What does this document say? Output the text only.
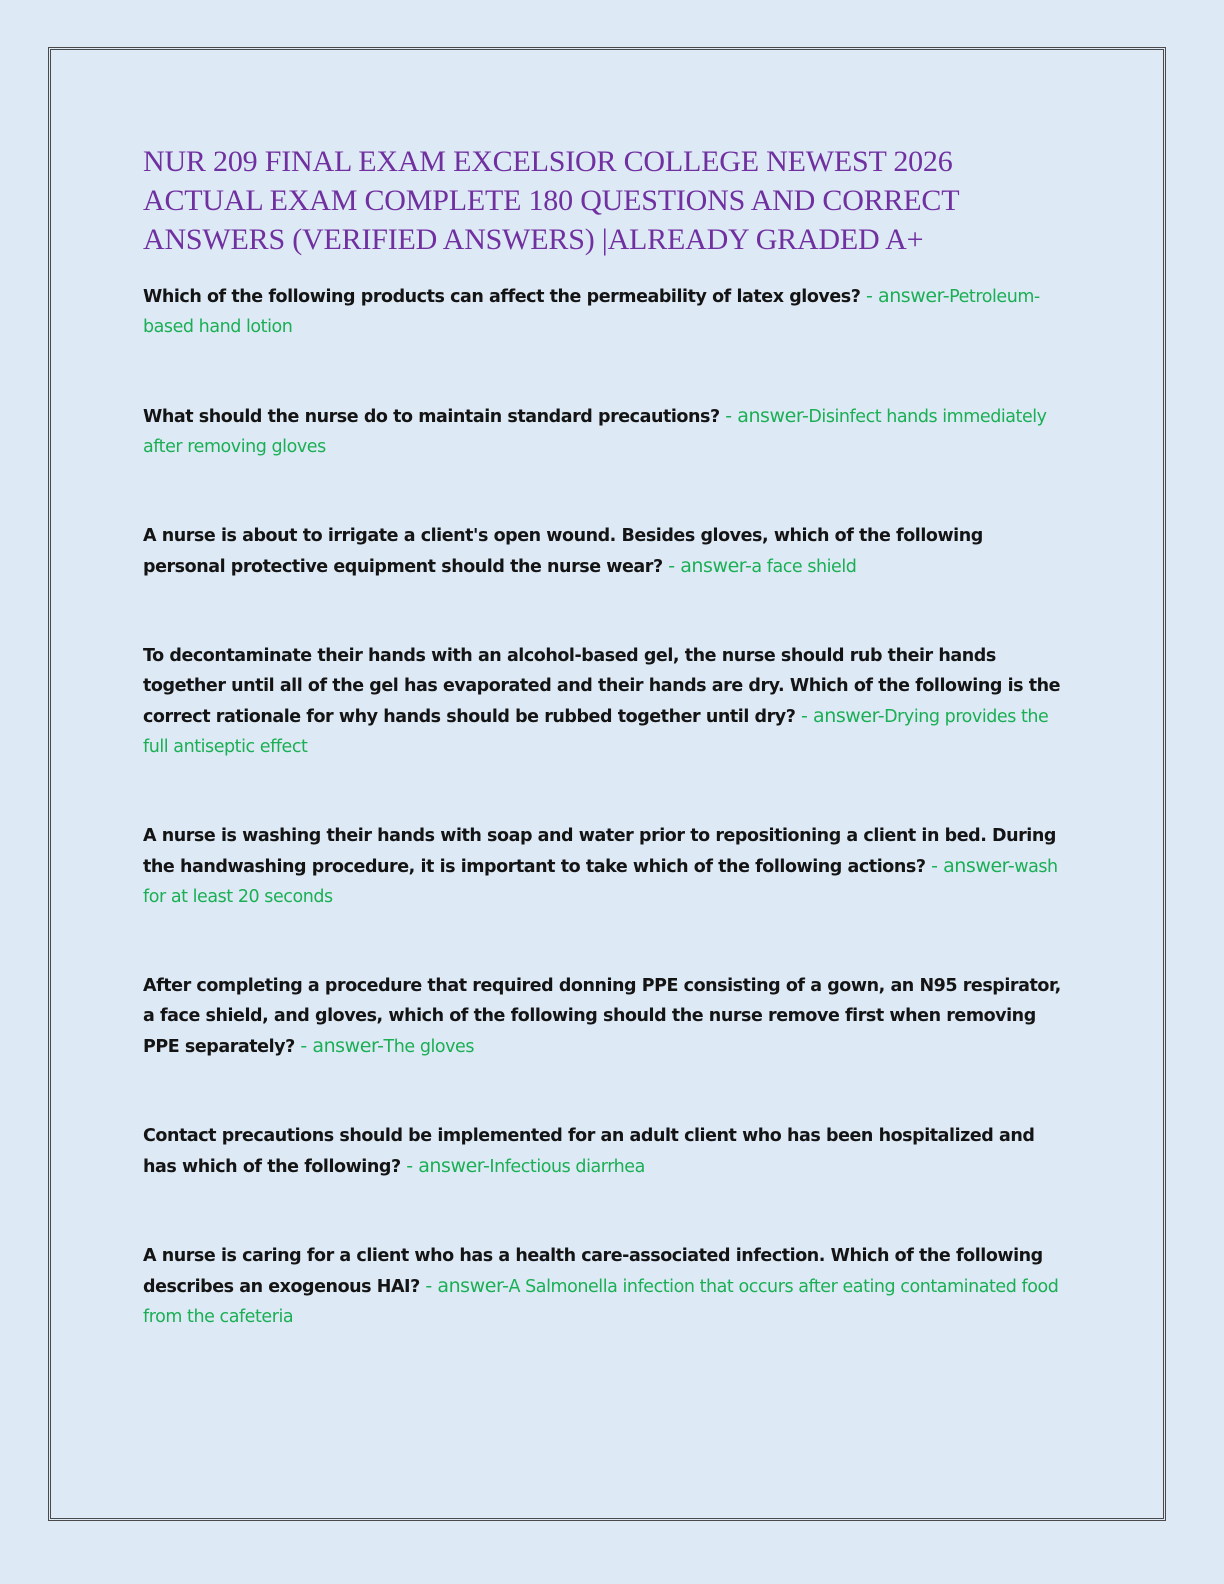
NUR 209 FINAL EXAM EXCELSIOR COLLEGE NEWEST 2026 ACTUAL EXAM COMPLETE 180 QUESTIONS AND CORRECT ANSWERS (VERIFIED ANSWERS) |ALREADY GRADED A+

Which of the following products can affect the permeability of latex gloves? - answer-Petroleum-based hand lotion

What should the nurse do to maintain standard precautions? - answer-Disinfect hands immediately after removing gloves

A nurse is about to irrigate a client's open wound. Besides gloves, which of the following personal protective equipment should the nurse wear? - answer-a face shield

To decontaminate their hands with an alcohol-based gel, the nurse should rub their hands together until all of the gel has evaporated and their hands are dry. Which of the following is the correct rationale for why hands should be rubbed together until dry? - answer-Drying provides the full antiseptic effect

A nurse is washing their hands with soap and water prior to repositioning a client in bed. During the handwashing procedure, it is important to take which of the following actions? - answer-wash for at least 20 seconds

After completing a procedure that required donning PPE consisting of a gown, an N95 respirator, a face shield, and gloves, which of the following should the nurse remove first when removing PPE separately? - answer-The gloves

Contact precautions should be implemented for an adult client who has been hospitalized and has which of the following? - answer-Infectious diarrhea

A nurse is caring for a client who has a health care-associated infection. Which of the following describes an exogenous HAI? - answer-A Salmonella infection that occurs after eating contaminated food from the cafeteria
